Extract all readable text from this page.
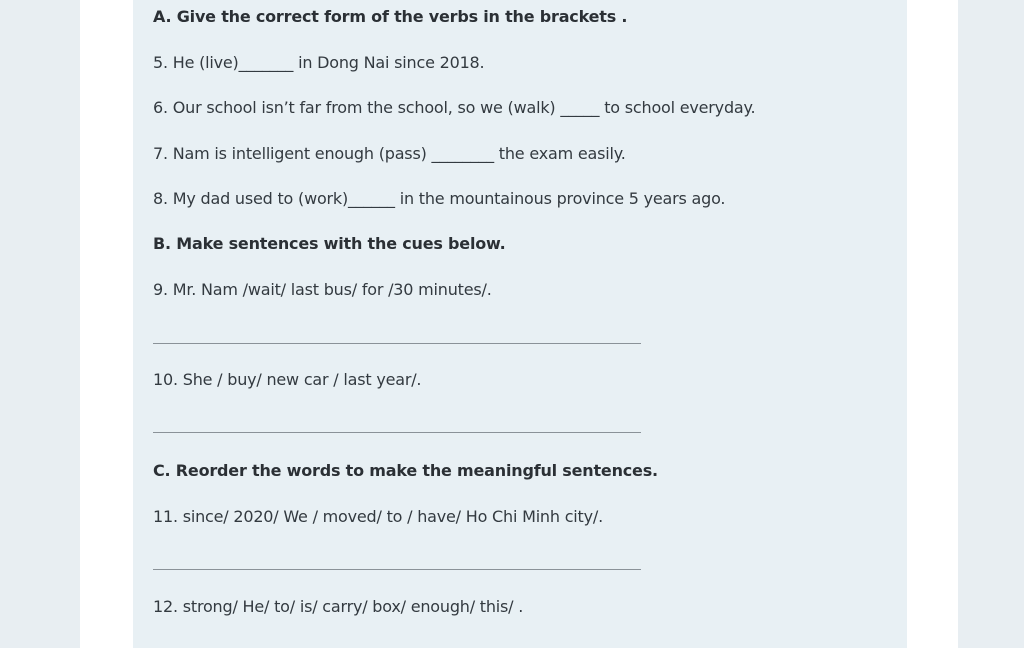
A. Give the correct form of the verbs in the brackets .
5. He (live)_______ in Dong Nai since 2018.
6. Our school isn’t far from the school, so we (walk) _____ to school everyday.
7. Nam is intelligent enough (pass) ________ the exam easily.
8. My dad used to (work)______ in the mountainous province 5 years ago.
B. Make sentences with the cues below.
9. Mr. Nam /wait/ last bus/ for /30 minutes/.
10. She / buy/ new car / last year/.
C. Reorder the words to make the meaningful sentences.
11. since/ 2020/ We / moved/ to / have/ Ho Chi Minh city/.
12. strong/ He/ to/ is/ carry/ box/ enough/ this/ .
